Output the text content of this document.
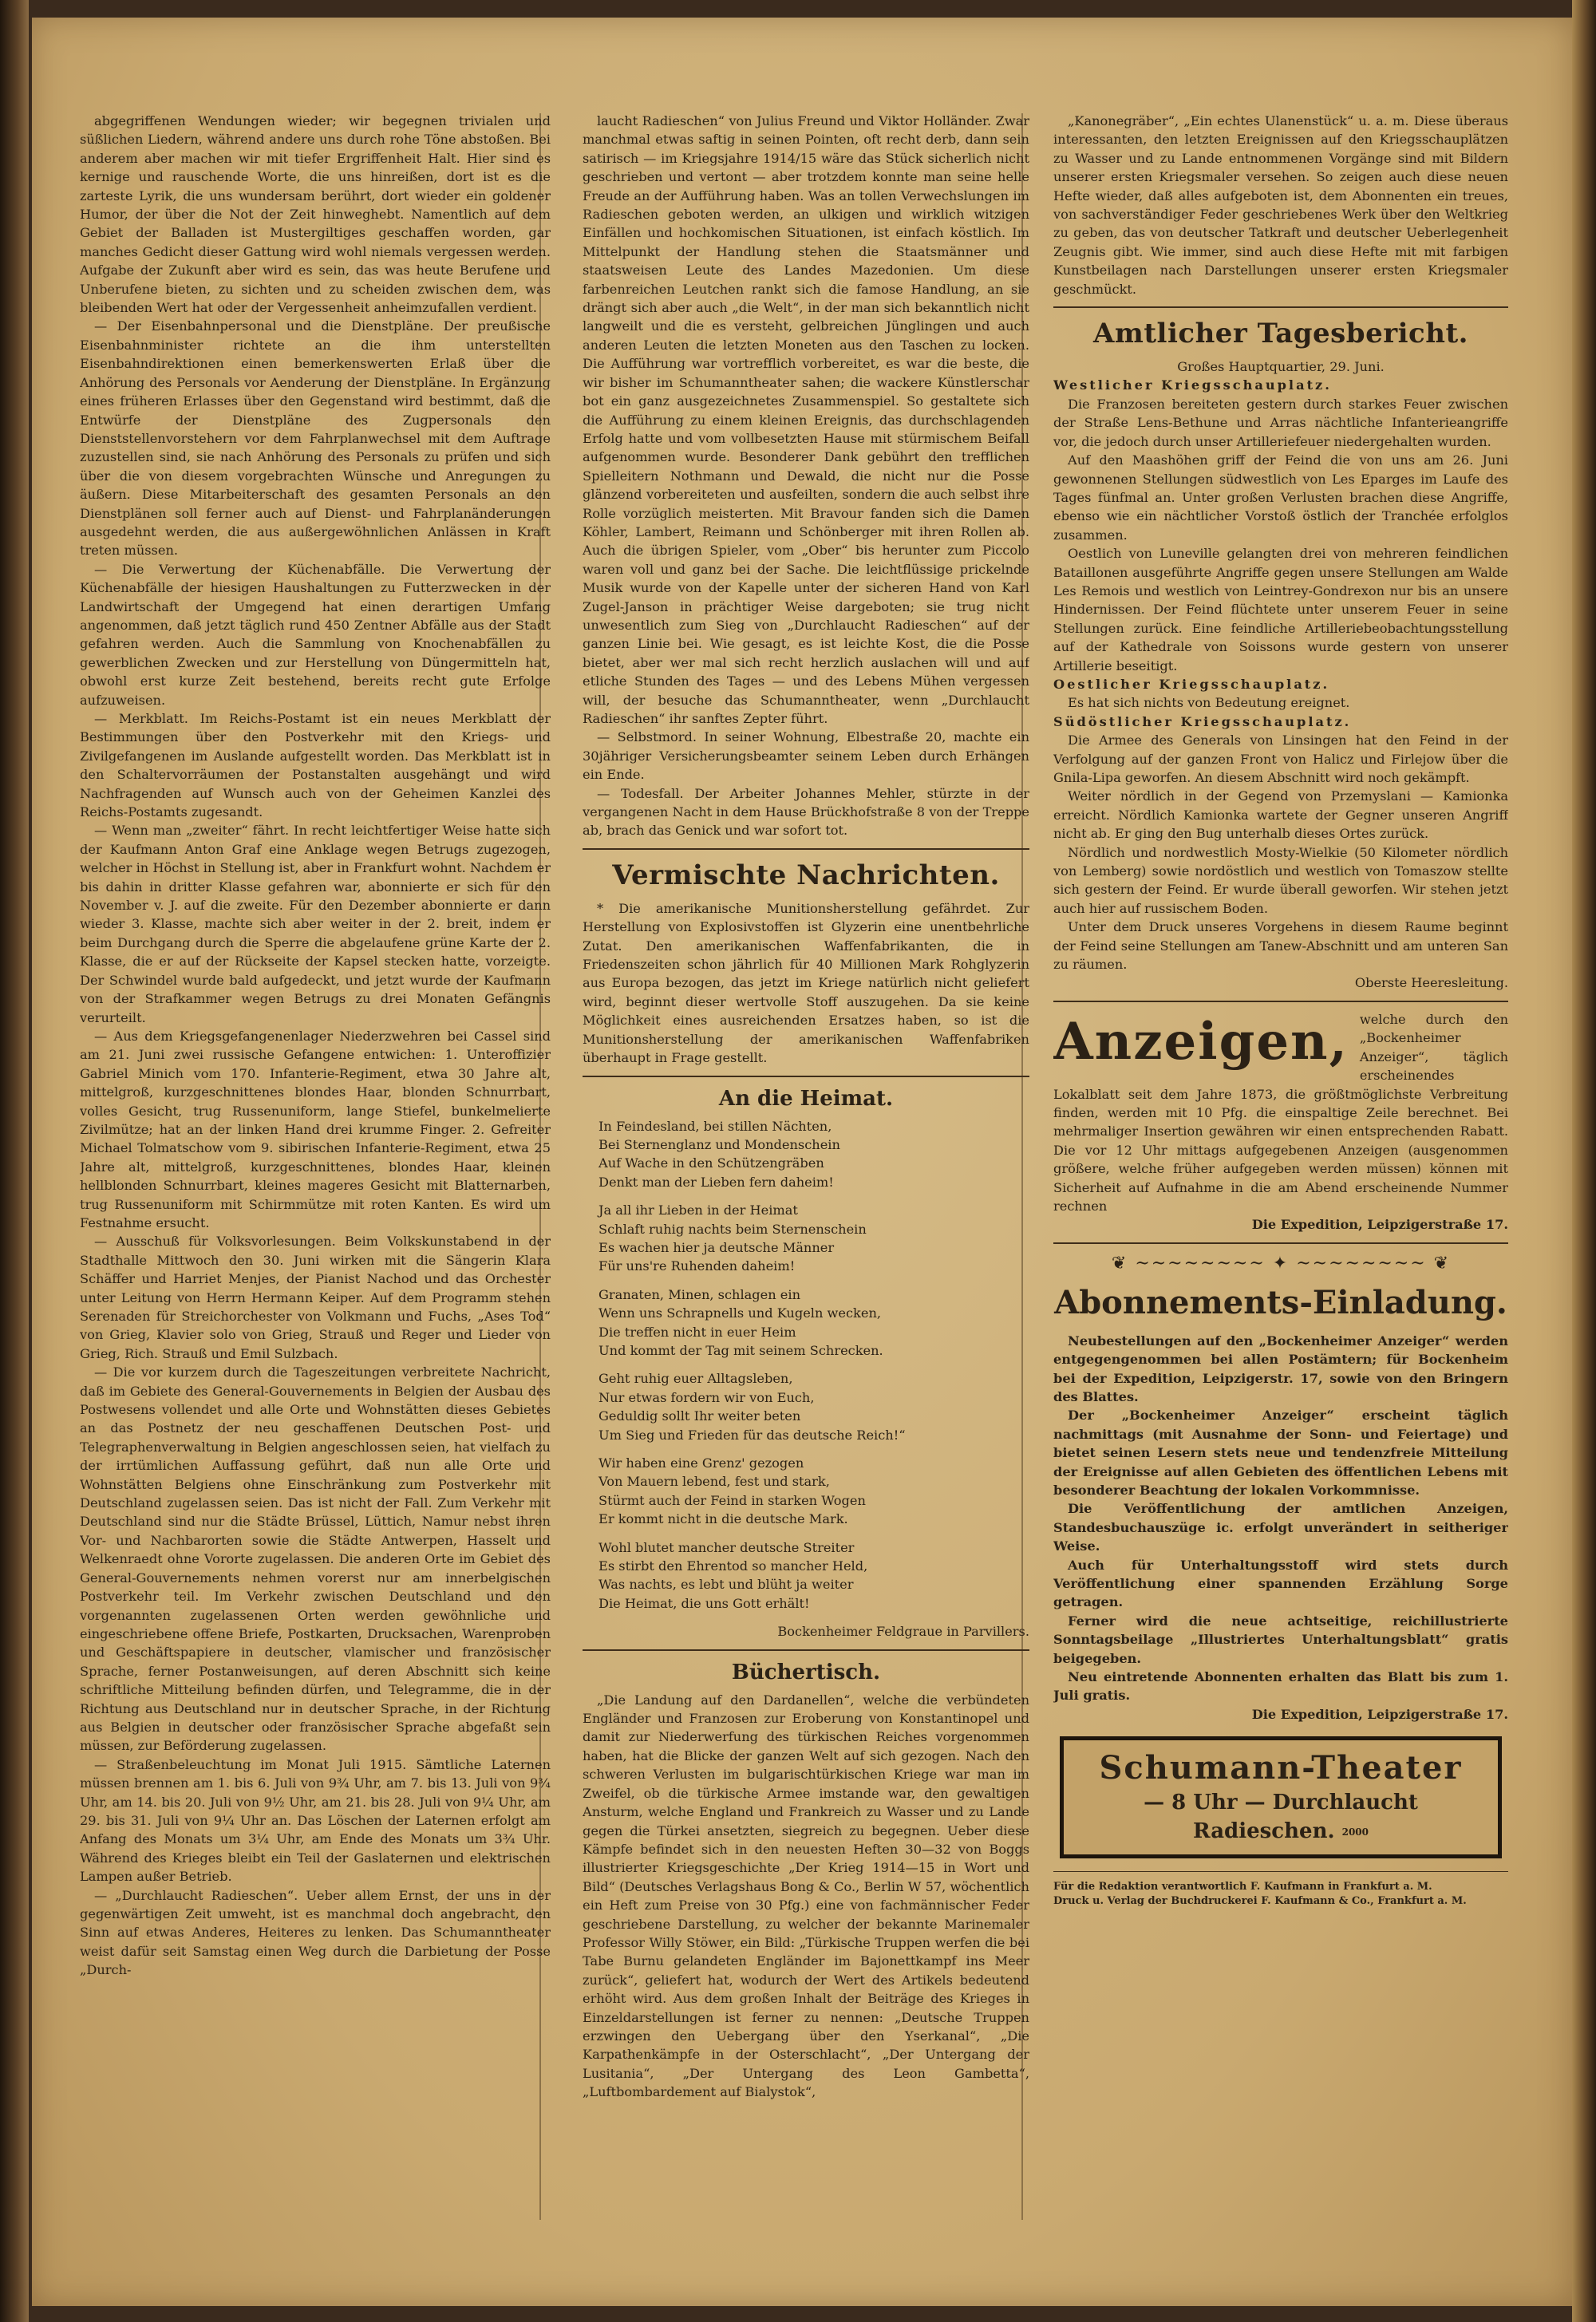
abgegriffenen Wendungen wieder; wir begegnen trivialen und süßlichen Liedern, während andere uns durch rohe Töne abstoßen. Bei anderem aber machen wir mit tiefer Ergriffenheit Halt. Hier sind es kernige und rauschende Worte, die uns hinreißen, dort ist es die zarteste Lyrik, die uns wundersam berührt, dort wieder ein goldener Humor, der über die Not der Zeit hinweghebt. Namentlich auf dem Gebiet der Balladen ist Mustergiltiges geschaffen worden, gar manches Gedicht dieser Gattung wird wohl niemals vergessen werden. Aufgabe der Zukunft aber wird es sein, das was heute Berufene und Unberufene bieten, zu sichten und zu scheiden zwischen dem, was bleibenden Wert hat oder der Vergessenheit anheimzufallen verdient.

— Der Eisenbahnpersonal und die Dienstpläne. Der preußische Eisenbahnminister richtete an die ihm unterstellten Eisenbahndirektionen einen bemerkenswerten Erlaß über die Anhörung des Personals vor Aenderung der Dienstpläne. In Ergänzung eines früheren Erlasses über den Gegenstand wird bestimmt, daß die Entwürfe der Dienstpläne des Zugpersonals den Dienststellenvorstehern vor dem Fahrplanwechsel mit dem Auftrage zuzustellen sind, sie nach Anhörung des Personals zu prüfen und sich über die von diesem vorgebrachten Wünsche und Anregungen zu äußern. Diese Mitarbeiterschaft des gesamten Personals an den Dienstplänen soll ferner auch auf Dienst- und Fahrplanänderungen ausgedehnt werden, die aus außergewöhnlichen Anlässen in Kraft treten müssen.

— Die Verwertung der Küchenabfälle. Die Verwertung der Küchenabfälle der hiesigen Haushaltungen zu Futterzwecken in der Landwirtschaft der Umgegend hat einen derartigen Umfang angenommen, daß jetzt täglich rund 450 Zentner Abfälle aus der Stadt gefahren werden. Auch die Sammlung von Knochenabfällen zu gewerblichen Zwecken und zur Herstellung von Düngermitteln hat, obwohl erst kurze Zeit bestehend, bereits recht gute Erfolge aufzuweisen.

— Merkblatt. Im Reichs-Postamt ist ein neues Merkblatt der Bestimmungen über den Postverkehr mit den Kriegs- und Zivilgefangenen im Auslande aufgestellt worden. Das Merkblatt ist in den Schaltervorräumen der Postanstalten ausgehängt und wird Nachfragenden auf Wunsch auch von der Geheimen Kanzlei des Reichs-Postamts zugesandt.

— Wenn man „zweiter“ fährt. In recht leichtfertiger Weise hatte sich der Kaufmann Anton Graf eine Anklage wegen Betrugs zugezogen, welcher in Höchst in Stellung ist, aber in Frankfurt wohnt. Nachdem er bis dahin in dritter Klasse gefahren war, abonnierte er sich für den November v. J. auf die zweite. Für den Dezember abonnierte er dann wieder 3. Klasse, machte sich aber weiter in der 2. breit, indem er beim Durchgang durch die Sperre die abgelaufene grüne Karte der 2. Klasse, die er auf der Rückseite der Kapsel stecken hatte, vorzeigte. Der Schwindel wurde bald aufgedeckt, und jetzt wurde der Kaufmann von der Strafkammer wegen Betrugs zu drei Monaten Gefängnis verurteilt.

— Aus dem Kriegsgefangenenlager Niederzwehren bei Cassel sind am 21. Juni zwei russische Gefangene entwichen: 1. Unteroffizier Gabriel Minich vom 170. Infanterie-Regiment, etwa 30 Jahre alt, mittelgroß, kurzgeschnittenes blondes Haar, blonden Schnurrbart, volles Gesicht, trug Russenuniform, lange Stiefel, bunkelmelierte Zivilmütze; hat an der linken Hand drei krumme Finger. 2. Gefreiter Michael Tolmatschow vom 9. sibirischen Infanterie-Regiment, etwa 25 Jahre alt, mittelgroß, kurzgeschnittenes, blondes Haar, kleinen hellblonden Schnurrbart, kleines mageres Gesicht mit Blatternarben, trug Russenuniform mit Schirmmütze mit roten Kanten. Es wird um Festnahme ersucht.

— Ausschuß für Volksvorlesungen. Beim Volkskunstabend in der Stadthalle Mittwoch den 30. Juni wirken mit die Sängerin Klara Schäffer und Harriet Menjes, der Pianist Nachod und das Orchester unter Leitung von Herrn Hermann Keiper. Auf dem Programm stehen Serenaden für Streichorchester von Volkmann und Fuchs, „Ases Tod“ von Grieg, Klavier solo von Grieg, Strauß und Reger und Lieder von Grieg, Rich. Strauß und Emil Sulzbach.

— Die vor kurzem durch die Tageszeitungen verbreitete Nachricht, daß im Gebiete des General-Gouvernements in Belgien der Ausbau des Postwesens vollendet und alle Orte und Wohnstätten dieses Gebietes an das Postnetz der neu geschaffenen Deutschen Post- und Telegraphenverwaltung in Belgien angeschlossen seien, hat vielfach zu der irrtümlichen Auffassung geführt, daß nun alle Orte und Wohnstätten Belgiens ohne Einschränkung zum Postverkehr mit Deutschland zugelassen seien. Das ist nicht der Fall. Zum Verkehr mit Deutschland sind nur die Städte Brüssel, Lüttich, Namur nebst ihren Vor- und Nachbarorten sowie die Städte Antwerpen, Hasselt und Welkenraedt ohne Vororte zugelassen. Die anderen Orte im Gebiet des General-Gouvernements nehmen vorerst nur am innerbelgischen Postverkehr teil. Im Verkehr zwischen Deutschland und den vorgenannten zugelassenen Orten werden gewöhnliche und eingeschriebene offene Briefe, Postkarten, Drucksachen, Warenproben und Geschäftspapiere in deutscher, vlamischer und französischer Sprache, ferner Postanweisungen, auf deren Abschnitt sich keine schriftliche Mitteilung befinden dürfen, und Telegramme, die in der Richtung aus Deutschland nur in deutscher Sprache, in der Richtung aus Belgien in deutscher oder französischer Sprache abgefaßt sein müssen, zur Beförderung zugelassen.

— Straßenbeleuchtung im Monat Juli 1915. Sämtliche Laternen müssen brennen am 1. bis 6. Juli von 9¾ Uhr, am 7. bis 13. Juli von 9¾ Uhr, am 14. bis 20. Juli von 9½ Uhr, am 21. bis 28. Juli von 9¼ Uhr, am 29. bis 31. Juli von 9¼ Uhr an. Das Löschen der Laternen erfolgt am Anfang des Monats um 3¼ Uhr, am Ende des Monats um 3¾ Uhr. Während des Krieges bleibt ein Teil der Gaslaternen und elektrischen Lampen außer Betrieb.

— „Durchlaucht Radieschen“. Ueber allem Ernst, der uns in der gegenwärtigen Zeit umweht, ist es manchmal doch angebracht, den Sinn auf etwas Anderes, Heiteres zu lenken. Das Schumanntheater weist dafür seit Samstag einen Weg durch die Darbietung der Posse „Durch-

laucht Radieschen“ von Julius Freund und Viktor Holländer. Zwar manchmal etwas saftig in seinen Pointen, oft recht derb, dann sein satirisch — im Kriegsjahre 1914/15 wäre das Stück sicherlich nicht geschrieben und vertont — aber trotzdem konnte man seine helle Freude an der Aufführung haben. Was an tollen Verwechslungen im Radieschen geboten werden, an ulkigen und wirklich witzigen Einfällen und hochkomischen Situationen, ist einfach köstlich. Im Mittelpunkt der Handlung stehen die Staatsmänner und staatsweisen Leute des Landes Mazedonien. Um diese farbenreichen Leutchen rankt sich die famose Handlung, an sie drängt sich aber auch „die Welt“, in der man sich bekanntlich nicht langweilt und die es versteht, gelbreichen Jünglingen und auch anderen Leuten die letzten Moneten aus den Taschen zu locken. Die Aufführung war vortrefflich vorbereitet, es war die beste, die wir bisher im Schumanntheater sahen; die wackere Künstlerschar bot ein ganz ausgezeichnetes Zusammenspiel. So gestaltete sich die Aufführung zu einem kleinen Ereignis, das durchschlagenden Erfolg hatte und vom vollbesetzten Hause mit stürmischem Beifall aufgenommen wurde. Besonderer Dank gebührt den trefflichen Spielleitern Nothmann und Dewald, die nicht nur die Posse glänzend vorbereiteten und ausfeilten, sondern die auch selbst ihre Rolle vorzüglich meisterten. Mit Bravour fanden sich die Damen Köhler, Lambert, Reimann und Schönberger mit ihren Rollen ab. Auch die übrigen Spieler, vom „Ober“ bis herunter zum Piccolo waren voll und ganz bei der Sache. Die leichtflüssige prickelnde Musik wurde von der Kapelle unter der sicheren Hand von Karl Zugel-Janson in prächtiger Weise dargeboten; sie trug nicht unwesentlich zum Sieg von „Durchlaucht Radieschen“ auf der ganzen Linie bei. Wie gesagt, es ist leichte Kost, die die Posse bietet, aber wer mal sich recht herzlich auslachen will und auf etliche Stunden des Tages — und des Lebens Mühen vergessen will, der besuche das Schumanntheater, wenn „Durchlaucht Radieschen“ ihr sanftes Zepter führt.

— Selbstmord. In seiner Wohnung, Elbestraße 20, machte ein 30jähriger Versicherungsbeamter seinem Leben durch Erhängen ein Ende.

— Todesfall. Der Arbeiter Johannes Mehler, stürzte in der vergangenen Nacht in dem Hause Brückhofstraße 8 von der Treppe ab, brach das Genick und war sofort tot.

Vermischte Nachrichten.

* Die amerikanische Munitionsherstellung gefährdet. Zur Herstellung von Explosivstoffen ist Glyzerin eine unentbehrliche Zutat. Den amerikanischen Waffenfabrikanten, die in Friedenszeiten schon jährlich für 40 Millionen Mark Rohglyzerin aus Europa bezogen, das jetzt im Kriege natürlich nicht geliefert wird, beginnt dieser wertvolle Stoff auszugehen. Da sie keine Möglichkeit eines ausreichenden Ersatzes haben, so ist die Munitionsherstellung der amerikanischen Waffenfabriken überhaupt in Frage gestellt.

An die Heimat.

In Feindesland, bei stillen Nächten,

Bei Sternenglanz und Mondenschein

Auf Wache in den Schützengräben

Denkt man der Lieben fern daheim!

Ja all ihr Lieben in der Heimat

Schlaft ruhig nachts beim Sternenschein

Es wachen hier ja deutsche Männer

Für uns're Ruhenden daheim!

Granaten, Minen, schlagen ein

Wenn uns Schrapnells und Kugeln wecken,

Die treffen nicht in euer Heim

Und kommt der Tag mit seinem Schrecken.

Geht ruhig euer Alltagsleben,

Nur etwas fordern wir von Euch,

Geduldig sollt Ihr weiter beten

Um Sieg und Frieden für das deutsche Reich!“

Wir haben eine Grenz' gezogen

Von Mauern lebend, fest und stark,

Stürmt auch der Feind in starken Wogen

Er kommt nicht in die deutsche Mark.

Wohl blutet mancher deutsche Streiter

Es stirbt den Ehrentod so mancher Held,

Was nachts, es lebt und blüht ja weiter

Die Heimat, die uns Gott erhält!

Bockenheimer Feldgraue in Parvillers.

Büchertisch.

„Die Landung auf den Dardanellen“, welche die verbündeten Engländer und Franzosen zur Eroberung von Konstantinopel und damit zur Niederwerfung des türkischen Reiches vorgenommen haben, hat die Blicke der ganzen Welt auf sich gezogen. Nach den schweren Verlusten im bulgarischtürkischen Kriege war man im Zweifel, ob die türkische Armee imstande war, den gewaltigen Ansturm, welche England und Frankreich zu Wasser und zu Lande gegen die Türkei ansetzten, siegreich zu begegnen. Ueber diese Kämpfe befindet sich in den neuesten Heften 30—32 von Boggs illustrierter Kriegsgeschichte „Der Krieg 1914—15 in Wort und Bild“ (Deutsches Verlagshaus Bong & Co., Berlin W 57, wöchentlich ein Heft zum Preise von 30 Pfg.) eine von fachmännischer Feder geschriebene Darstellung, zu welcher der bekannte Marinemaler Professor Willy Stöwer, ein Bild: „Türkische Truppen werfen die bei Tabe Burnu gelandeten Engländer im Bajonettkampf ins Meer zurück“, geliefert hat, wodurch der Wert des Artikels bedeutend erhöht wird. Aus dem großen Inhalt der Beiträge des Krieges in Einzeldarstellungen ist ferner zu nennen: „Deutsche Truppen erzwingen den Uebergang über den Yserkanal“, „Die Karpathenkämpfe in der Osterschlacht“, „Der Untergang der Lusitania“, „Der Untergang des Leon Gambetta“, „Luftbombardement auf Bialystok“,

„Kanonegräber“, „Ein echtes Ulanenstück“ u. a. m. Diese überaus interessanten, den letzten Ereignissen auf den Kriegsschauplätzen zu Wasser und zu Lande entnommenen Vorgänge sind mit Bildern unserer ersten Kriegsmaler versehen. So zeigen auch diese neuen Hefte wieder, daß alles aufgeboten ist, dem Abonnenten ein treues, von sachverständiger Feder geschriebenes Werk über den Weltkrieg zu geben, das von deutscher Tatkraft und deutscher Ueberlegenheit Zeugnis gibt. Wie immer, sind auch diese Hefte mit mit farbigen Kunstbeilagen nach Darstellungen unserer ersten Kriegsmaler geschmückt.

Amtlicher Tagesbericht.

Großes Hauptquartier, 29. Juni.

Westlicher Kriegsschauplatz.

Die Franzosen bereiteten gestern durch starkes Feuer zwischen der Straße Lens-Bethune und Arras nächtliche Infanterieangriffe vor, die jedoch durch unser Artilleriefeuer niedergehalten wurden.

Auf den Maashöhen griff der Feind die von uns am 26. Juni gewonnenen Stellungen südwestlich von Les Eparges im Laufe des Tages fünfmal an. Unter großen Verlusten brachen diese Angriffe, ebenso wie ein nächtlicher Vorstoß östlich der Tranchée erfolglos zusammen.

Oestlich von Luneville gelangten drei von mehreren feindlichen Bataillonen ausgeführte Angriffe gegen unsere Stellungen am Walde Les Remois und westlich von Leintrey-Gondrexon nur bis an unsere Hindernissen. Der Feind flüchtete unter unserem Feuer in seine Stellungen zurück. Eine feindliche Artilleriebeobachtungsstellung auf der Kathedrale von Soissons wurde gestern von unserer Artillerie beseitigt.

Oestlicher Kriegsschauplatz.

Es hat sich nichts von Bedeutung ereignet.

Südöstlicher Kriegsschauplatz.

Die Armee des Generals von Linsingen hat den Feind in der Verfolgung auf der ganzen Front von Halicz und Firlejow über die Gnila-Lipa geworfen. An diesem Abschnitt wird noch gekämpft.

Weiter nördlich in der Gegend von Przemyslani — Kamionka erreicht. Nördlich Kamionka wartete der Gegner unseren Angriff nicht ab. Er ging den Bug unterhalb dieses Ortes zurück.

Nördlich und nordwestlich Mosty-Wielkie (50 Kilometer nördlich von Lemberg) sowie nordöstlich und westlich von Tomaszow stellte sich gestern der Feind. Er wurde überall geworfen. Wir stehen jetzt auch hier auf russischem Boden.

Unter dem Druck unseres Vorgehens in diesem Raume beginnt der Feind seine Stellungen am Tanew-Abschnitt und am unteren San zu räumen.

Oberste Heeresleitung.

Anzeigen, welche durch den „Bockenheimer Anzeiger“, täglich erscheinendes Lokalblatt seit dem Jahre 1873, die größtmöglichste Verbreitung finden, werden mit 10 Pfg. die einspaltige Zeile berechnet. Bei mehrmaliger Insertion gewähren wir einen entsprechenden Rabatt. Die vor 12 Uhr mittags aufgegebenen Anzeigen (ausgenommen größere, welche früher aufgegeben werden müssen) können mit Sicherheit auf Aufnahme in die am Abend erscheinende Nummer rechnen

Die Expedition, Leipzigerstraße 17.

❦ ~~~~~~~~ ✦ ~~~~~~~~ ❦
Abonnements-Einladung.

Neubestellungen auf den „Bockenheimer Anzeiger“ werden entgegengenommen bei allen Postämtern; für Bockenheim bei der Expedition, Leipzigerstr. 17, sowie von den Bringern des Blattes.

Der „Bockenheimer Anzeiger“ erscheint täglich nachmittags (mit Ausnahme der Sonn- und Feiertage) und bietet seinen Lesern stets neue und tendenzfreie Mitteilung der Ereignisse auf allen Gebieten des öffentlichen Lebens mit besonderer Beachtung der lokalen Vorkommnisse.

Die Veröffentlichung der amtlichen Anzeigen, Standesbuchauszüge ic. erfolgt unverändert in seitheriger Weise.

Auch für Unterhaltungsstoff wird stets durch Veröffentlichung einer spannenden Erzählung Sorge getragen.

Ferner wird die neue achtseitige, reichillustrierte Sonntagsbeilage „Illustriertes Unterhaltungsblatt“ gratis beigegeben.

Neu eintretende Abonnenten erhalten das Blatt bis zum 1. Juli gratis.

Die Expedition, Leipzigerstraße 17.

Schumann-Theater
— 8 Uhr — Durchlaucht Radieschen. 2000

Für die Redaktion verantwortlich F. Kaufmann in Frankfurt a. M.

Druck u. Verlag der Buchdruckerei F. Kaufmann & Co., Frankfurt a. M.
